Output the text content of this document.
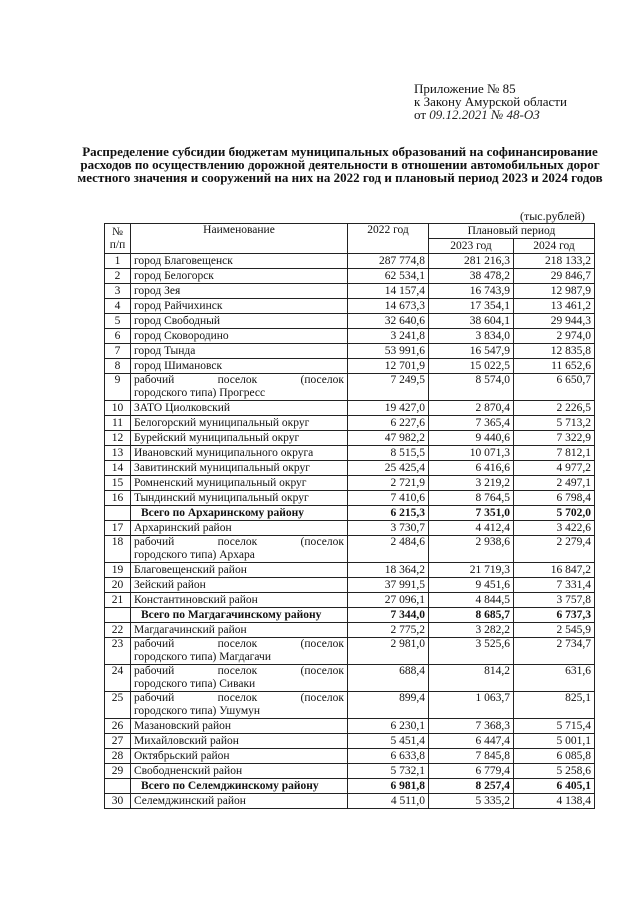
Приложение № 85
к Закону Амурской области
от 09.12.2021 № 48-ОЗ
Распределение субсидии бюджетам муниципальных образований на софинансирование расходов по осуществлению дорожной деятельности в отношении автомобильных дорог местного значения и сооружений на них на 2022 год и плановый период 2023 и 2024 годов
(тыс.рублей)
№ п/п	Наименование	2022 год	Плановый период	
			2023 год	2024 год
1	город Благовещенск	287 774,8	281 216,3	218 133,2
2	город Белогорск	62 534,1	38 478,2	29 846,7
3	город Зея	14 157,4	16 743,9	12 987,9
4	город Райчихинск	14 673,3	17 354,1	13 461,2
5	город Свободный	32 640,6	38 604,1	29 944,3
6	город Сковородино	3 241,8	3 834,0	2 974,0
7	город Тында	53 991,6	16 547,9	12 835,8
8	город Шимановск	12 701,9	15 022,5	11 652,6
9	рабочий поселок (поселок
городского типа) Прогресс	7 249,5	8 574,0	6 650,7
10	ЗАТО Циолковский	19 427,0	2 870,4	2 226,5
11	Белогорский муниципальный округ	6 227,6	7 365,4	5 713,2
12	Бурейский муниципальный округ	47 982,2	9 440,6	7 322,9
13	Ивановский муниципального округа	8 515,5	10 071,3	7 812,1
14	Завитинский муниципальный округ	25 425,4	6 416,6	4 977,2
15	Ромненский муниципальный округ	2 721,9	3 219,2	2 497,1
16	Тындинский муниципальный округ	7 410,6	8 764,5	6 798,4
	Всего по Архаринскому району	6 215,3	7 351,0	5 702,0
17	Архаринский район	3 730,7	4 412,4	3 422,6
18	рабочий поселок (поселок
городского типа) Архара	2 484,6	2 938,6	2 279,4
19	Благовещенский район	18 364,2	21 719,3	16 847,2
20	Зейский район	37 991,5	9 451,6	7 331,4
21	Константиновский район	27 096,1	4 844,5	3 757,8
	Всего по Магдагачинскому району	7 344,0	8 685,7	6 737,3
22	Магдагачинский район	2 775,2	3 282,2	2 545,9
23	рабочий поселок (поселок
городского типа) Магдагачи	2 981,0	3 525,6	2 734,7
24	рабочий поселок (поселок
городского типа) Сиваки	688,4	814,2	631,6
25	рабочий поселок (поселок
городского типа) Ушумун	899,4	1 063,7	825,1
26	Мазановский район	6 230,1	7 368,3	5 715,4
27	Михайловский район	5 451,4	6 447,4	5 001,1
28	Октябрьский район	6 633,8	7 845,8	6 085,8
29	Свободненский район	5 732,1	6 779,4	5 258,6
	Всего по Селемджинскому району	6 981,8	8 257,4	6 405,1
30	Селемджинский район	4 511,0	5 335,2	4 138,4
